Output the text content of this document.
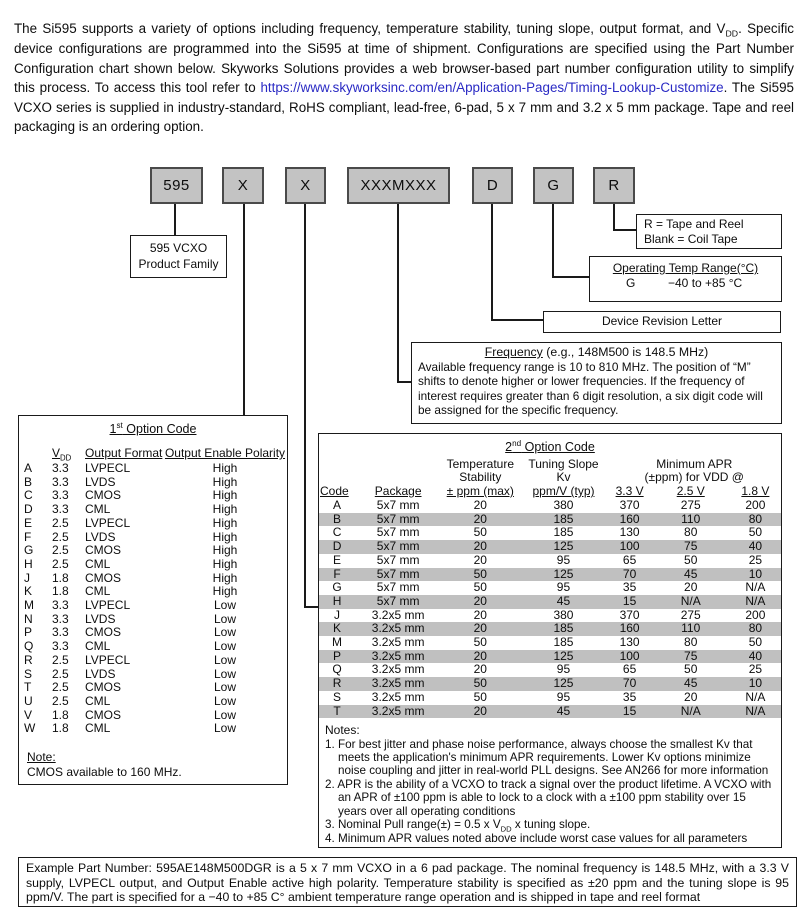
The Si595 supports a variety of options including frequency, temperature stability, tuning slope, output format, and $V_{DD}$. Specific device configurations are programmed into the Si595 at time of shipment. Configurations are specified using the Part Number Configuration chart shown below. Skyworks Solutions provides a web browser-based part number configuration utility to simplify this process. To access this tool refer to https://www.skyworksinc.com/en/Application-Pages/Timing-Lookup-Customize. The Si595 VCXO series is supplied in industry-standard, RoHS compliant, lead-free, 6-pad, 5 x 7 mm and 3.2 x 5 mm package. Tape and reel packaging is an ordering option.

595	X	X	XXXMXXX	D	G	R
595 VCXO
Product Family
R = Tape and Reel
Blank = Coil Tape
Operating Temp Range(°C)
G	−40 to +85 °C
Device Revision Letter
Frequency (e.g., 148M500 is 148.5 MHz)
Available frequency range is 10 to 810 MHz. The position of “M” shifts to denote higher or lower frequencies. If the frequency of interest requires greater than 6 digit resolution, a six digit code will be assigned for the specific frequency.
1st Option Code
	$V_{DD}$	Output Format	Output Enable Polarity
A	3.3	LVPECL	High
B	3.3	LVDS	High
C	3.3	CMOS	High
D	3.3	CML	High
E	2.5	LVPECL	High
F	2.5	LVDS	High
G	2.5	CMOS	High
H	2.5	CML	High
J	1.8	CMOS	High
K	1.8	CML	High
M	3.3	LVPECL	Low
N	3.3	LVDS	Low
P	3.3	CMOS	Low
Q	3.3	CML	Low
R	2.5	LVPECL	Low
S	2.5	LVDS	Low
T	2.5	CMOS	Low
U	2.5	CML	Low
V	1.8	CMOS	Low
W	1.8	CML	Low
Note:
CMOS available to 160 MHz.
2nd Option Code
		Temperature	Tuning Slope	Minimum APR		
		Stability	Kv	(±ppm) for VDD @		
Code	Package	± ppm (max)	ppm/V (typ)	3.3 V	2.5 V	1.8 V
A	5x7 mm	20	380	370	275	200
B	5x7 mm	20	185	160	110	80
C	5x7 mm	50	185	130	80	50
D	5x7 mm	20	125	100	75	40
E	5x7 mm	20	95	65	50	25
F	5x7 mm	50	125	70	45	10
G	5x7 mm	50	95	35	20	N/A
H	5x7 mm	20	45	15	N/A	N/A
J	3.2x5 mm	20	380	370	275	200
K	3.2x5 mm	20	185	160	110	80
M	3.2x5 mm	50	185	130	80	50
P	3.2x5 mm	20	125	100	75	40
Q	3.2x5 mm	20	95	65	50	25
R	3.2x5 mm	50	125	70	45	10
S	3.2x5 mm	50	95	35	20	N/A
T	3.2x5 mm	20	45	15	N/A	N/A
Notes:
1. For best jitter and phase noise performance, always choose the smallest Kv that meets the application's minimum APR requirements. Lower Kv options minimize noise coupling and jitter in real-world PLL designs. See AN266 for more information
2. APR is the ability of a VCXO to track a signal over the product lifetime. A VCXO with an APR of ±100 ppm is able to lock to a clock with a ±100 ppm stability over 15 years over all operating conditions
3. Nominal Pull range(±) = 0.5 x $V_{DD}$ x tuning slope.
4. Minimum APR values noted above include worst case values for all parameters
Example Part Number: 595AE148M500DGR is a 5 x 7 mm VCXO in a 6 pad package. The nominal frequency is 148.5 MHz, with a 3.3 V supply, LVPECL output, and Output Enable active high polarity. Temperature stability is specified as ±20 ppm and the tuning slope is 95 ppm/V. The part is specified for a −40 to +85 C° ambient temperature range operation and is shipped in tape and reel format
